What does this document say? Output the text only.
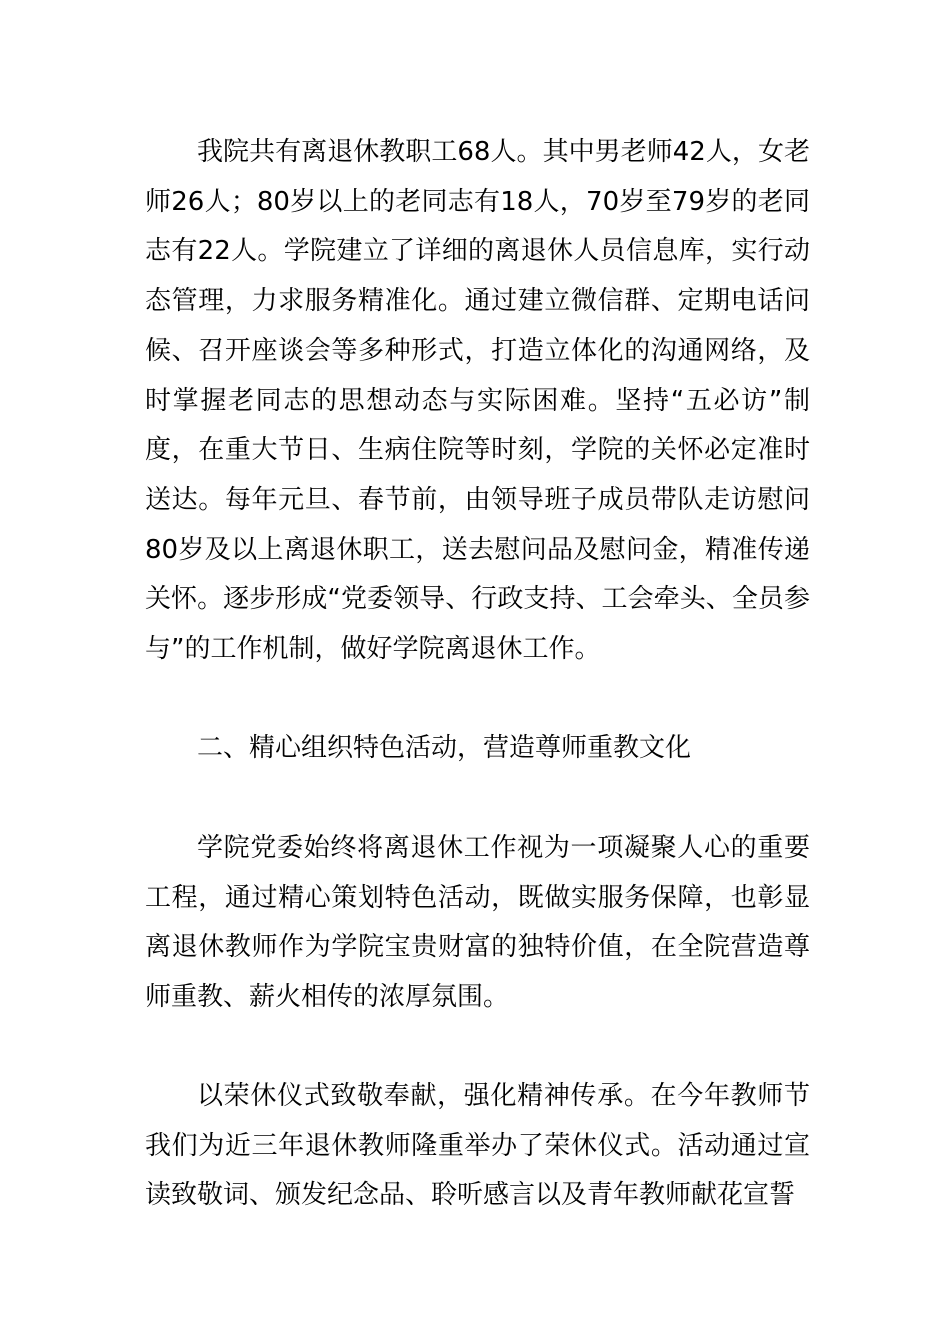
我院共有离退休教职工68人。其中男老师42人，女老师26人；80岁以上的老同志有18人，70岁至79岁的老同志有22人。学院建立了详细的离退休人员信息库，实行动态管理，力求服务精准化。通过建立微信群、定期电话问候、召开座谈会等多种形式，打造立体化的沟通网络，及时掌握老同志的思想动态与实际困难。坚持“五必访”制度，在重大节日、生病住院等时刻，学院的关怀必定准时送达。每年元旦、春节前，由领导班子成员带队走访慰问80岁及以上离退休职工，送去慰问品及慰问金，精准传递关怀。逐步形成“党委领导、行政支持、工会牵头、全员参与”的工作机制，做好学院离退休工作。

二、精心组织特色活动，营造尊师重教文化

学院党委始终将离退休工作视为一项凝聚人心的重要工程，通过精心策划特色活动，既做实服务保障，也彰显离退休教师作为学院宝贵财富的独特价值，在全院营造尊师重教、薪火相传的浓厚氛围。

以荣休仪式致敬奉献，强化精神传承。在今年教师节我们为近三年退休教师隆重举办了荣休仪式。活动通过宣读致敬词、颁发纪念品、聆听感言以及青年教师献花宣誓
